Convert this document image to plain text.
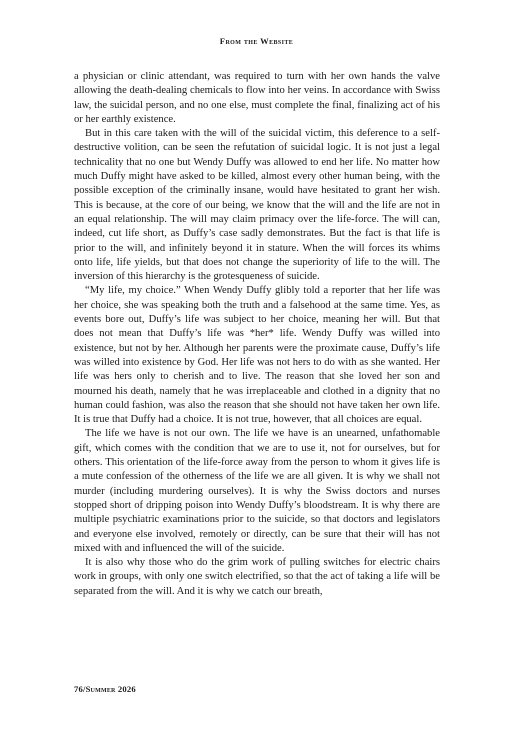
From the Website

a physician or clinic attendant, was required to turn with her own hands the valve allowing the death-dealing chemicals to flow into her veins. In accordance with Swiss law, the suicidal person, and no one else, must complete the final, finalizing act of his or her earthly existence.

But in this care taken with the will of the suicidal victim, this deference to a self-destructive volition, can be seen the refutation of suicidal logic. It is not just a legal technicality that no one but Wendy Duffy was allowed to end her life. No matter how much Duffy might have asked to be killed, almost every other human being, with the possible exception of the criminally insane, would have hesitated to grant her wish. This is because, at the core of our being, we know that the will and the life are not in an equal relationship. The will may claim primacy over the life-force. The will can, indeed, cut life short, as Duffy’s case sadly demonstrates. But the fact is that life is prior to the will, and infinitely beyond it in stature. When the will forces its whims onto life, life yields, but that does not change the superiority of life to the will. The inversion of this hierarchy is the grotesqueness of suicide.

“My life, my choice.” When Wendy Duffy glibly told a reporter that her life was her choice, she was speaking both the truth and a falsehood at the same time. Yes, as events bore out, Duffy’s life was subject to her choice, meaning her will. But that does not mean that Duffy’s life was *her* life. Wendy Duffy was willed into existence, but not by her. Although her parents were the proximate cause, Duffy’s life was willed into existence by God. Her life was not hers to do with as she wanted. Her life was hers only to cherish and to live. The reason that she loved her son and mourned his death, namely that he was irreplaceable and clothed in a dignity that no human could fashion, was also the reason that she should not have taken her own life. It is true that Duffy had a choice. It is not true, however, that all choices are equal.

The life we have is not our own. The life we have is an unearned, unfathomable gift, which comes with the condition that we are to use it, not for ourselves, but for others. This orientation of the life-force away from the person to whom it gives life is a mute confession of the otherness of the life we are all given. It is why we shall not murder (including murdering ourselves). It is why the Swiss doctors and nurses stopped short of dripping poison into Wendy Duffy’s bloodstream. It is why there are multiple psychiatric examinations prior to the suicide, so that doctors and legislators and everyone else involved, remotely or directly, can be sure that their will has not mixed with and influenced the will of the suicide.

It is also why those who do the grim work of pulling switches for electric chairs work in groups, with only one switch electrified, so that the act of taking a life will be separated from the will. And it is why we catch our breath,

76/Summer 2026
